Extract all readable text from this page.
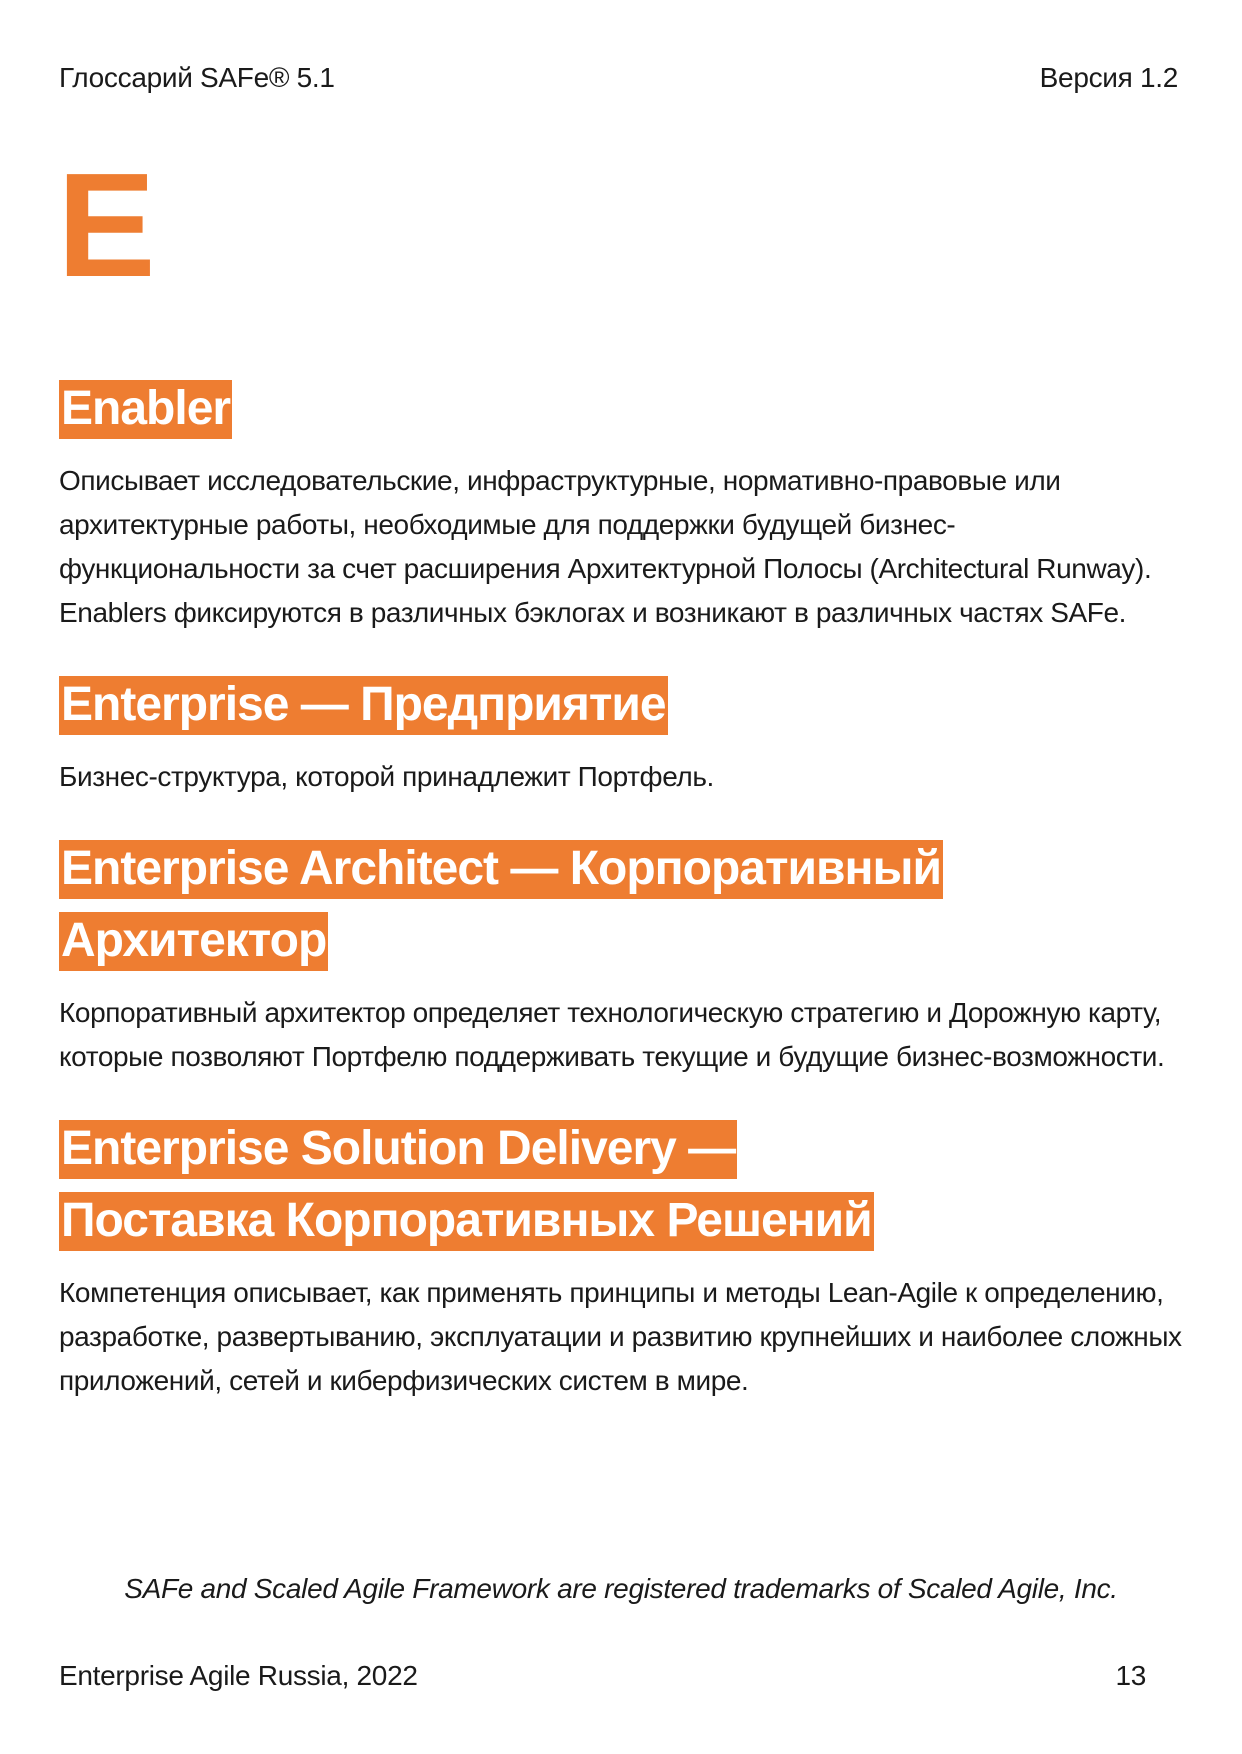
Глоссарий SAFe® 5.1	Версия 1.2
E
Enabler

Описывает исследовательские, инфраструктурные, нормативно-правовые или архитектурные работы, необходимые для поддержки будущей бизнес-функциональности за счет расширения Архитектурной Полосы (Architectural Runway). Enablers фиксируются в различных бэклогах и возникают в различных частях SAFe.

Enterprise — Предприятие

Бизнес-структура, которой принадлежит Портфель.

Enterprise Architect — Корпоративный Архитектор

Корпоративный архитектор определяет технологическую стратегию и Дорожную карту, которые позволяют Портфелю поддерживать текущие и будущие бизнес-возможности.

Enterprise Solution Delivery — Поставка Корпоративных Решений

Компетенция описывает, как применять принципы и методы Lean-Agile к определению, разработке, развертыванию, эксплуатации и развитию крупнейших и наиболее сложных приложений, сетей и киберфизических систем в мире.

SAFe and Scaled Agile Framework are registered trademarks of Scaled Agile, Inc.
Enterprise Agile Russia, 2022	13
